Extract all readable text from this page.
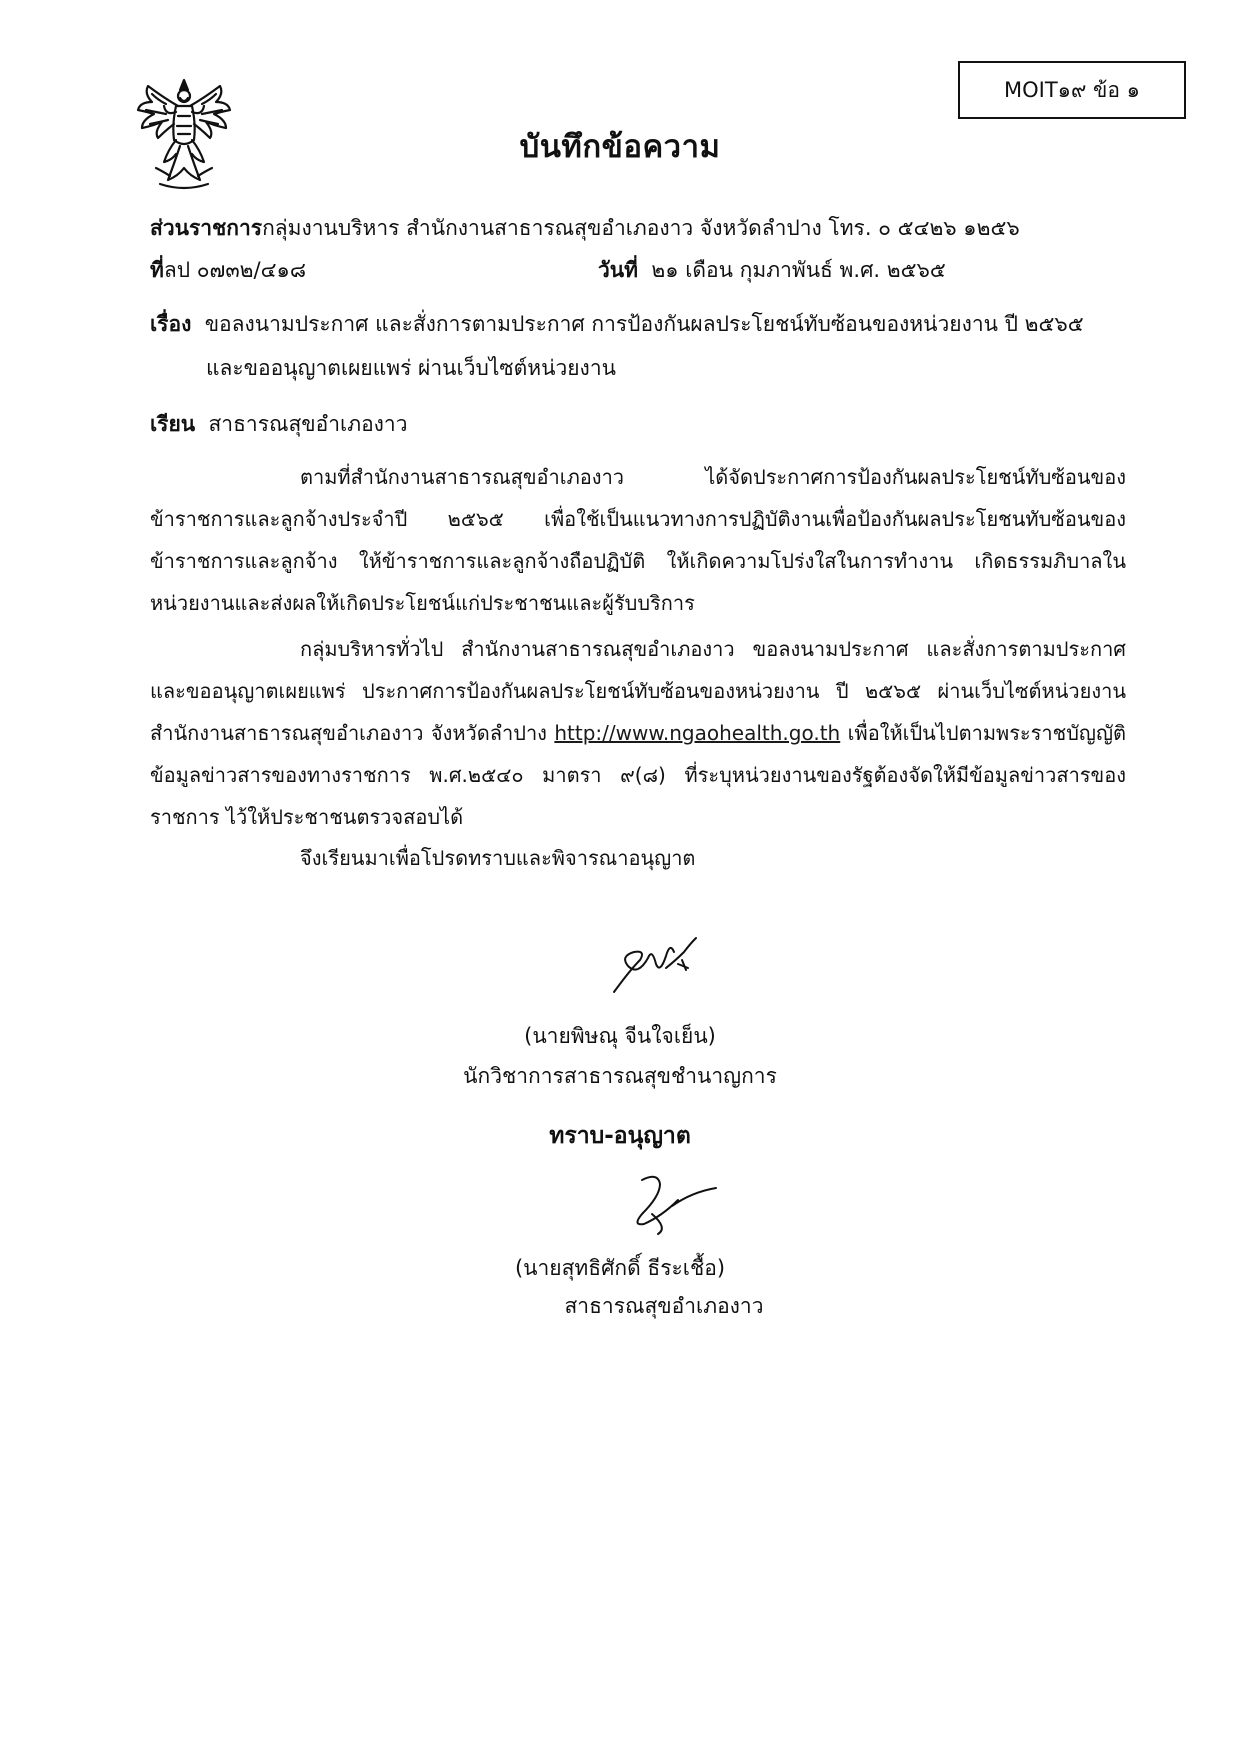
MOIT๑๙ ข้อ ๑
บันทึกข้อความ
ส่วนราชการกลุ่มงานบริหาร สำนักงานสาธารณสุขอำเภองาว จังหวัดลำปาง โทร. ๐ ๕๔๒๖ ๑๒๕๖
ที่ลป ๐๗๓๒/๔๑๘	วันที่ ๒๑ เดือน กุมภาพันธ์ พ.ศ. ๒๕๖๕
เรื่อง ขอลงนามประกาศ และสั่งการตามประกาศ การป้องกันผลประโยชน์ทับซ้อนของหน่วยงาน ปี ๒๕๖๕
และขออนุญาตเผยแพร่ ผ่านเว็บไซต์หน่วยงาน
เรียน สาธารณสุขอำเภองาว
ตามที่สำนักงานสาธารณสุขอำเภองาว ได้จัดประกาศการป้องกันผลประโยชน์ทับซ้อนของข้าราชการและลูกจ้างประจำปี ๒๕๖๕ เพื่อใช้เป็นแนวทางการปฏิบัติงานเพื่อป้องกันผลประโยชนทับซ้อนของข้าราชการและลูกจ้าง ให้ข้าราชการและลูกจ้างถือปฏิบัติ ให้เกิดความโปร่งใสในการทำงาน เกิดธรรมภิบาลในหน่วยงานและส่งผลให้เกิดประโยชน์แก่ประชาชนและผู้รับบริการ
กลุ่มบริหารทั่วไป สำนักงานสาธารณสุขอำเภองาว ขอลงนามประกาศ และสั่งการตามประกาศ และขออนุญาตเผยแพร่ ประกาศการป้องกันผลประโยชน์ทับซ้อนของหน่วยงาน ปี ๒๕๖๕ ผ่านเว็บไซต์หน่วยงาน สำนักงานสาธารณสุขอำเภองาว จังหวัดลำปาง http://www.ngaohealth.go.th เพื่อให้เป็นไปตามพระราชบัญญัติข้อมูลข่าวสารของทางราชการ พ.ศ.๒๕๔๐ มาตรา ๙(๘) ที่ระบุหน่วยงานของรัฐต้องจัดให้มีข้อมูลข่าวสารของราชการ ไว้ให้ประชาชนตรวจสอบได้
จึงเรียนมาเพื่อโปรดทราบและพิจารณาอนุญาต
(นายพิษณุ จีนใจเย็น)
นักวิชาการสาธารณสุขชำนาญการ
ทราบ-อนุญาต
(นายสุทธิศักดิ์ ธีระเชื้อ)
สาธารณสุขอำเภองาว
